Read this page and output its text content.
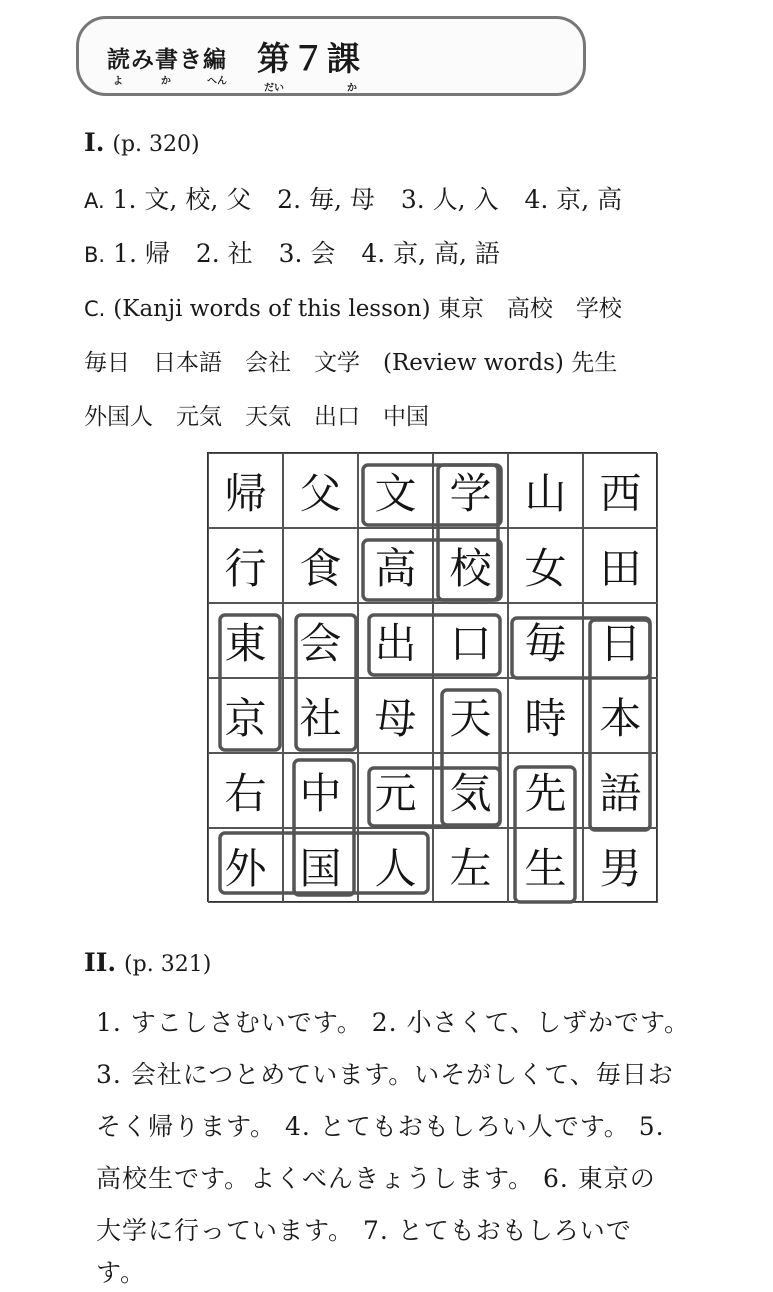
読み書き編
よ	か	へん
第７課
だい	か
I. (p. 320)
A. 1. 文, 校, 父 2. 毎, 母 3. 人, 入 4. 京, 高
B. 1. 帰 2. 社 3. 会 4. 京, 高, 語
C. (Kanji words of this lesson) 東京　高校　学校
毎日　日本語　会社　文学　(Review words) 先生
外国人　元気　天気　出口　中国
帰 父 文 学 山 西
行 食 高 校 女 田
東 会 出 口 毎 日
京 社 母 天 時 本
右 中 元 気 先 語
外 国 人 左 生 男
II. (p. 321)
1. すこしさむいです。 2. 小さくて、しずかです。
3. 会社につとめています。いそがしくて、毎日お
そく帰ります。 4. とてもおもしろい人です。 5.
高校生です。よくべんきょうします。 6. 東京の
大学に行っています。 7. とてもおもしろいで
す。
